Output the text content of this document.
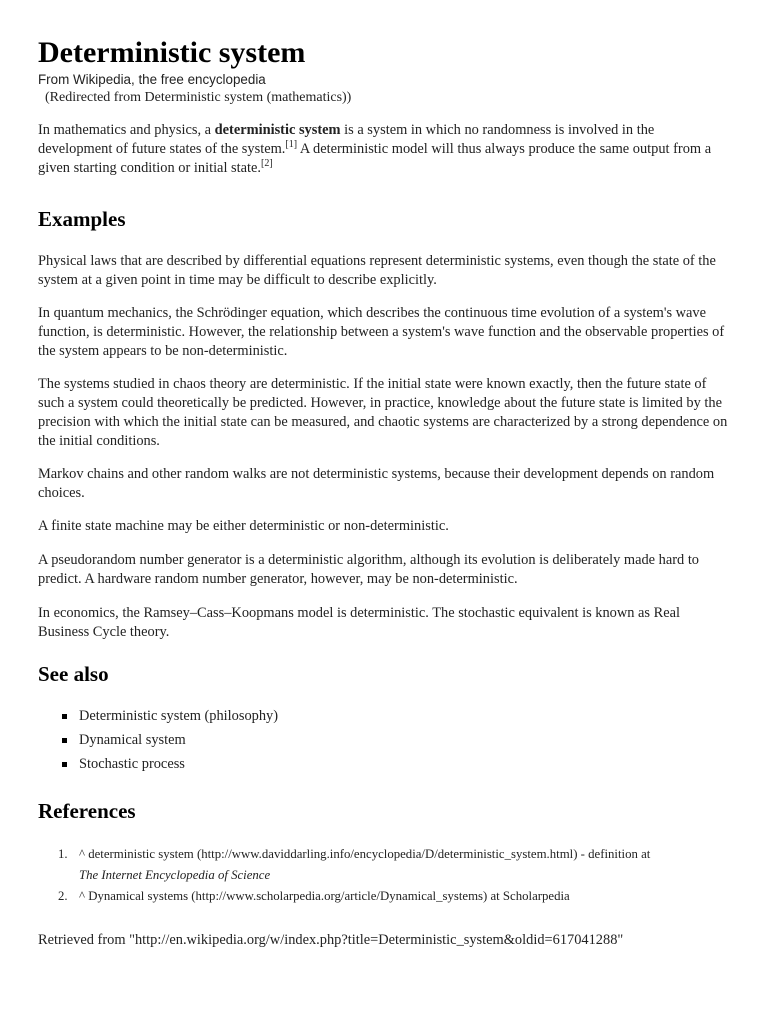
Deterministic system
From Wikipedia, the free encyclopedia
(Redirected from Deterministic system (mathematics))

In mathematics and physics, a deterministic system is a system in which no randomness is involved in the development of future states of the system.[1] A deterministic model will thus always produce the same output from a given starting condition or initial state.[2]

Examples

Physical laws that are described by differential equations represent deterministic systems, even though the state of the system at a given point in time may be difficult to describe explicitly.

In quantum mechanics, the Schrödinger equation, which describes the continuous time evolution of a system's wave function, is deterministic. However, the relationship between a system's wave function and the observable properties of the system appears to be non-deterministic.

The systems studied in chaos theory are deterministic. If the initial state were known exactly, then the future state of such a system could theoretically be predicted. However, in practice, knowledge about the future state is limited by the precision with which the initial state can be measured, and chaotic systems are characterized by a strong dependence on the initial conditions.

Markov chains and other random walks are not deterministic systems, because their development depends on random choices.

A finite state machine may be either deterministic or non-deterministic.

A pseudorandom number generator is a deterministic algorithm, although its evolution is deliberately made hard to predict. A hardware random number generator, however, may be non-deterministic.

In economics, the Ramsey–Cass–Koopmans model is deterministic. The stochastic equivalent is known as Real Business Cycle theory.

See also
Deterministic system (philosophy)
Dynamical system
Stochastic process
References
1. ^ deterministic system (http://www.daviddarling.info/encyclopedia/D/deterministic_system.html) - definition at
The Internet Encyclopedia of Science
2. ^ Dynamical systems (http://www.scholarpedia.org/article/Dynamical_systems) at Scholarpedia
Retrieved from "http://en.wikipedia.org/w/index.php?title=Deterministic_system&oldid=617041288"
